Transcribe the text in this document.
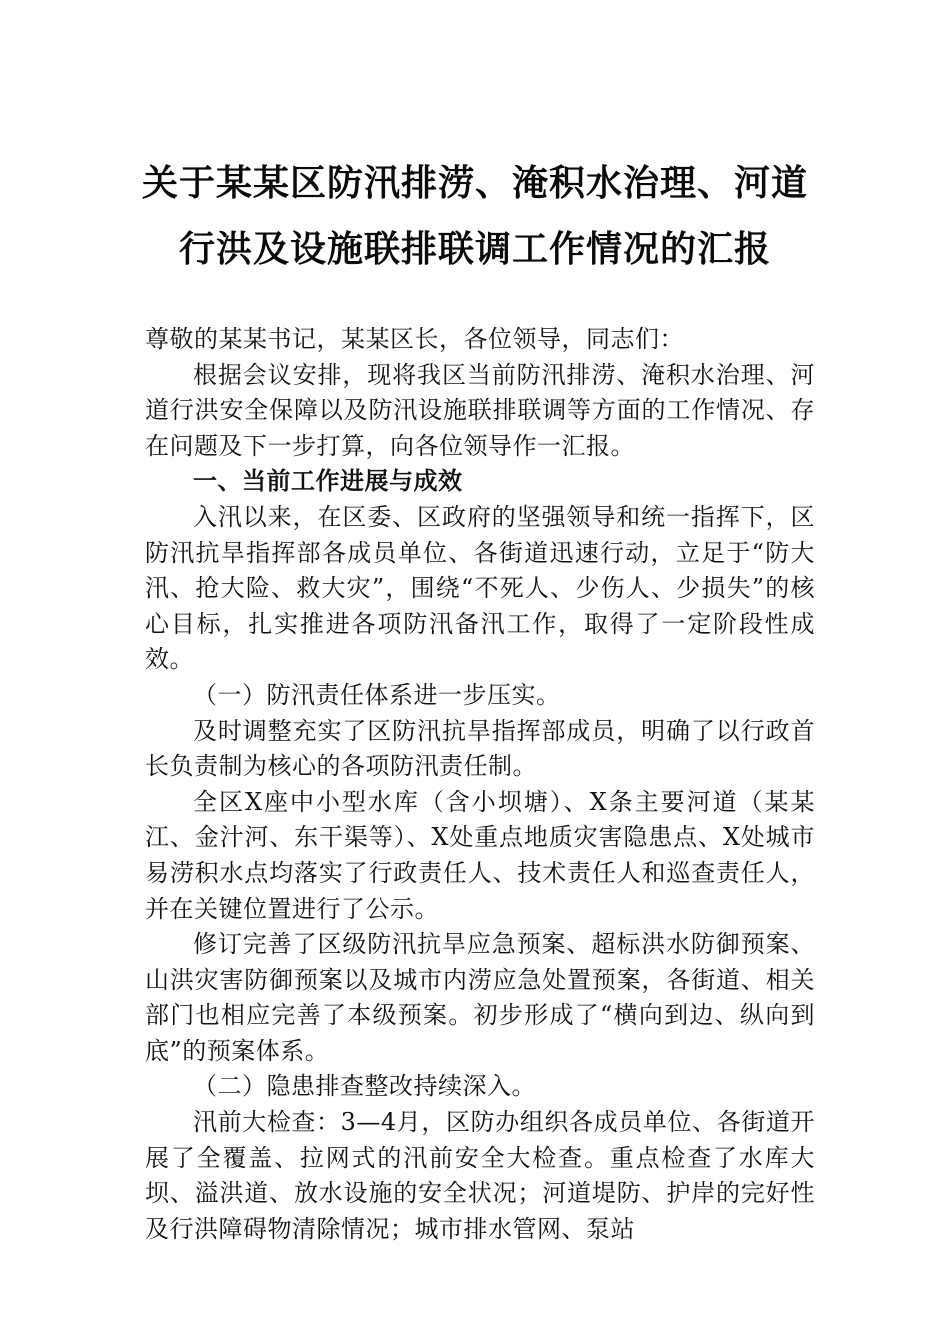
关于某某区防汛排涝、淹积水治理、河道
行洪及设施联排联调工作情况的汇报

尊敬的某某书记，某某区长，各位领导，同志们：

根据会议安排，现将我区当前防汛排涝、淹积水治理、河道行洪安全保障以及防汛设施联排联调等方面的工作情况、存在问题及下一步打算，向各位领导作一汇报。

一、当前工作进展与成效

入汛以来，在区委、区政府的坚强领导和统一指挥下，区防汛抗旱指挥部各成员单位、各街道迅速行动，立足于“防大汛、抢大险、救大灾”，围绕“不死人、少伤人、少损失”的核心目标，扎实推进各项防汛备汛工作，取得了一定阶段性成效。

（一）防汛责任体系进一步压实。

及时调整充实了区防汛抗旱指挥部成员，明确了以行政首长负责制为核心的各项防汛责任制。

全区X座中小型水库（含小坝塘）、X条主要河道（某某江、金汁河、东干渠等）、X处重点地质灾害隐患点、X处城市易涝积水点均落实了行政责任人、技术责任人和巡查责任人，并在关键位置进行了公示。

修订完善了区级防汛抗旱应急预案、超标洪水防御预案、山洪灾害防御预案以及城市内涝应急处置预案，各街道、相关部门也相应完善了本级预案。初步形成了“横向到边、纵向到底”的预案体系。

（二）隐患排查整改持续深入。

汛前大检查：3—4月，区防办组织各成员单位、各街道开展了全覆盖、拉网式的汛前安全大检查。重点检查了水库大坝、溢洪道、放水设施的安全状况；河道堤防、护岸的完好性及行洪障碍物清除情况；城市排水管网、泵站
